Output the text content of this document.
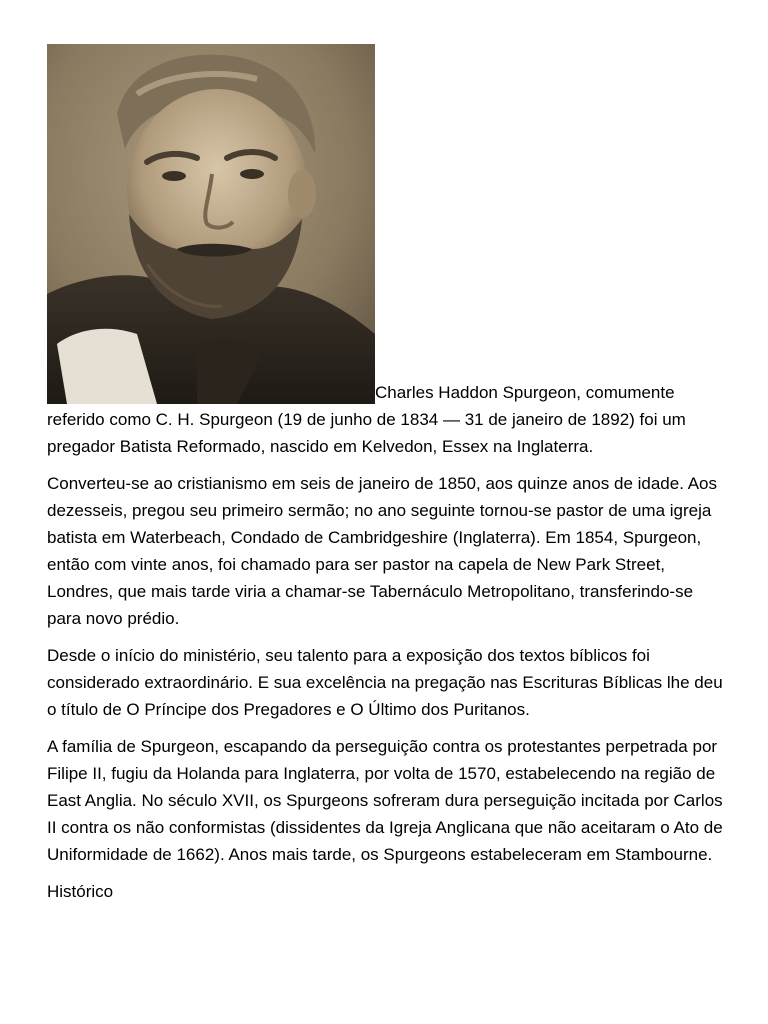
Charles Haddon Spurgeon, comumente referido como C. H. Spurgeon (19 de junho de 1834 — 31 de janeiro de 1892) foi um pregador Batista Reformado, nascido em Kelvedon, Essex na Inglaterra.

Converteu-se ao cristianismo em seis de janeiro de 1850, aos quinze anos de idade. Aos dezesseis, pregou seu primeiro sermão; no ano seguinte tornou-se pastor de uma igreja batista em Waterbeach, Condado de Cambridgeshire (Inglaterra). Em 1854, Spurgeon, então com vinte anos, foi chamado para ser pastor na capela de New Park Street, Londres, que mais tarde viria a chamar-se Tabernáculo Metropolitano, transferindo-se para novo prédio.

Desde o início do ministério, seu talento para a exposição dos textos bíblicos foi considerado extraordinário. E sua excelência na pregação nas Escrituras Bíblicas lhe deu o título de O Príncipe dos Pregadores e O Último dos Puritanos.

A família de Spurgeon, escapando da perseguição contra os protestantes perpetrada por Filipe II, fugiu da Holanda para Inglaterra, por volta de 1570, estabelecendo na região de East Anglia. No século XVII, os Spurgeons sofreram dura perseguição incitada por Carlos II contra os não conformistas (dissidentes da Igreja Anglicana que não aceitaram o Ato de Uniformidade de 1662). Anos mais tarde, os Spurgeons estabeleceram em Stambourne.

Histórico
